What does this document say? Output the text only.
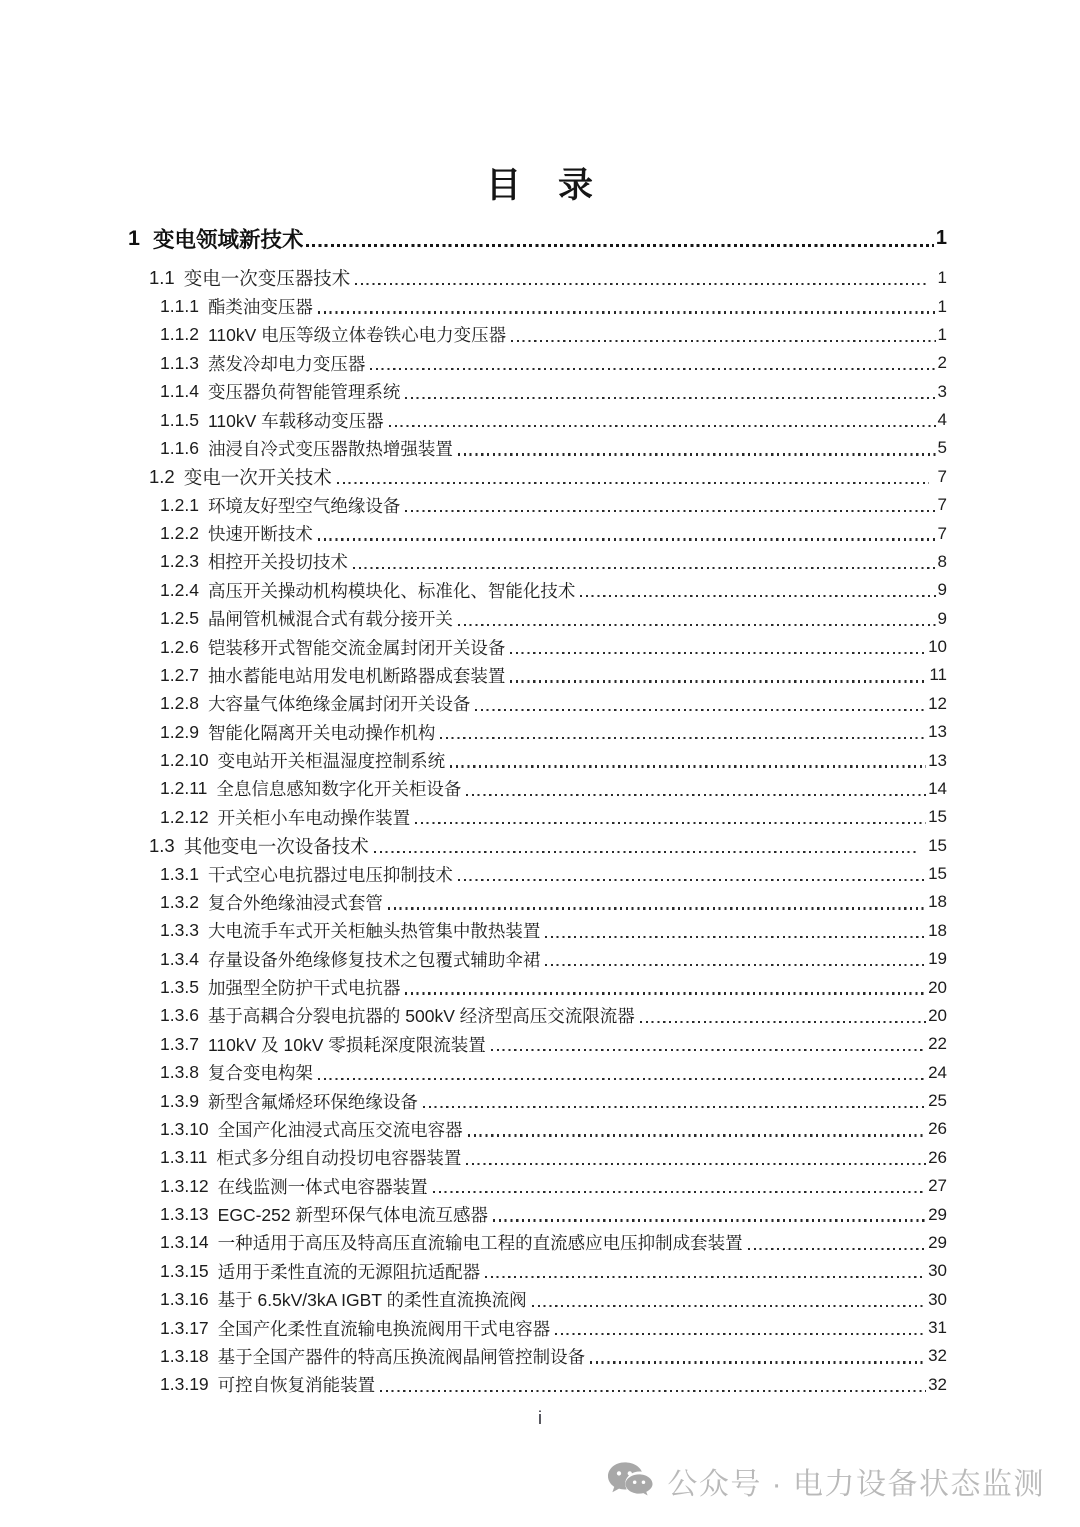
目　录
1 变电领域新技术	1
1.1 变电一次变压器技术	1
1.1.1 酯类油变压器	1
1.1.2 110kV 电压等级立体卷铁心电力变压器	1
1.1.3 蒸发冷却电力变压器	2
1.1.4 变压器负荷智能管理系统	3
1.1.5 110kV 车载移动变压器	4
1.1.6 油浸自冷式变压器散热增强装置	5
1.2 变电一次开关技术	7
1.2.1 环境友好型空气绝缘设备	7
1.2.2 快速开断技术	7
1.2.3 相控开关投切技术	8
1.2.4 高压开关操动机构模块化、标准化、智能化技术	9
1.2.5 晶闸管机械混合式有载分接开关	9
1.2.6 铠装移开式智能交流金属封闭开关设备	10
1.2.7 抽水蓄能电站用发电机断路器成套装置	11
1.2.8 大容量气体绝缘金属封闭开关设备	12
1.2.9 智能化隔离开关电动操作机构	13
1.2.10 变电站开关柜温湿度控制系统	13
1.2.11 全息信息感知数字化开关柜设备	14
1.2.12 开关柜小车电动操作装置	15
1.3 其他变电一次设备技术	15
1.3.1 干式空心电抗器过电压抑制技术	15
1.3.2 复合外绝缘油浸式套管	18
1.3.3 大电流手车式开关柜触头热管集中散热装置	18
1.3.4 存量设备外绝缘修复技术之包覆式辅助伞裙	19
1.3.5 加强型全防护干式电抗器	20
1.3.6 基于高耦合分裂电抗器的 500kV 经济型高压交流限流器	20
1.3.7 110kV 及 10kV 零损耗深度限流装置	22
1.3.8 复合变电构架	24
1.3.9 新型含氟烯烃环保绝缘设备	25
1.3.10 全国产化油浸式高压交流电容器	26
1.3.11 柜式多分组自动投切电容器装置	26
1.3.12 在线监测一体式电容器装置	27
1.3.13 EGC-252 新型环保气体电流互感器	29
1.3.14 一种适用于高压及特高压直流输电工程的直流感应电压抑制成套装置	29
1.3.15 适用于柔性直流的无源阻抗适配器	30
1.3.16 基于 6.5kV/3kA IGBT 的柔性直流换流阀	30
1.3.17 全国产化柔性直流输电换流阀用干式电容器	31
1.3.18 基于全国产器件的特高压换流阀晶闸管控制设备	32
1.3.19 可控自恢复消能装置	32
i
公众号 · 电力设备状态监测
